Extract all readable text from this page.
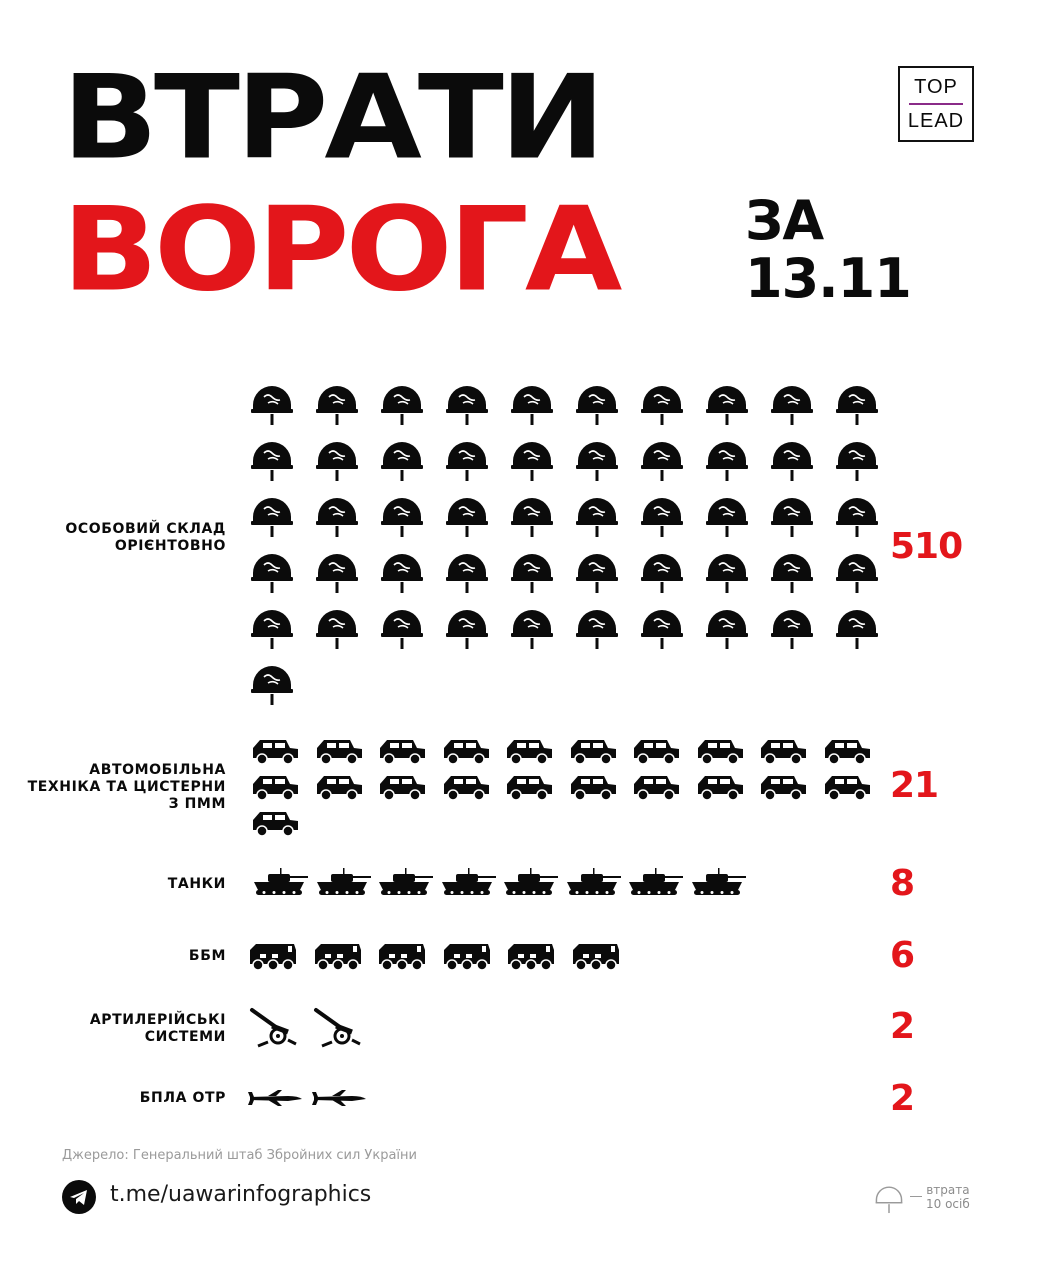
ВТРАТИ
ВОРОГА ЗА
13.11
TOP
LEAD
ОСОБОВИЙ СКЛАД ОРІЄНТОВНО
АВТОМОБІЛЬНА ТЕХНІКА ТА ЦИСТЕРНИ З ПММ
ТАНКИ
ББМ
АРТИЛЕРІЙСЬКІ СИСТЕМИ
БПЛА ОТР
510
21
8
6
2
2
Джерело: Генеральний штаб Збройних сил України
t.me/uawarinfographics	втрата
10 осіб
